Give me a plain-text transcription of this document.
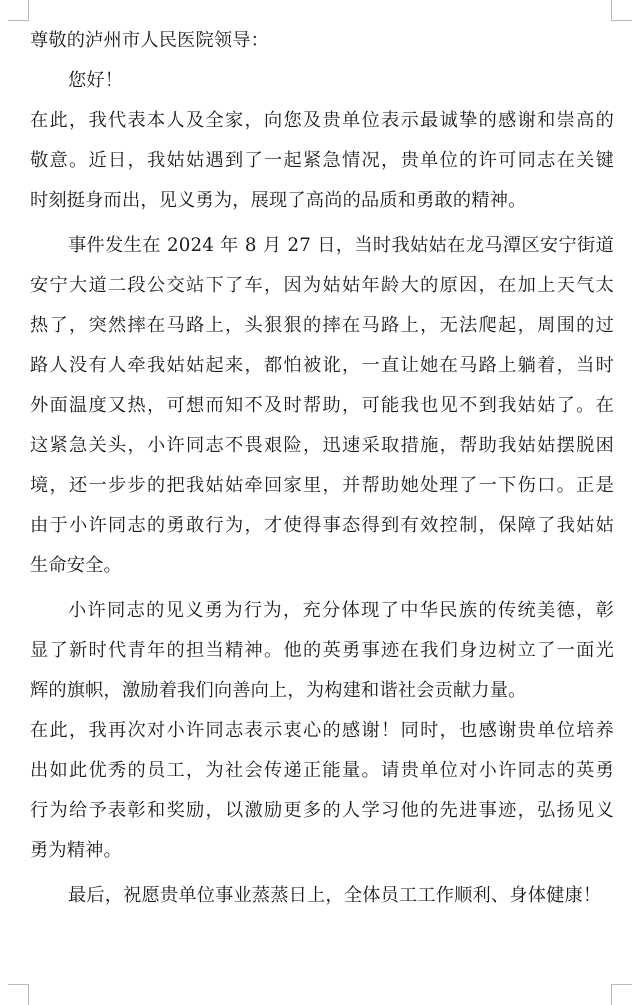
尊敬的泸州市人民医院领导：
您好！
在此，我代表本人及全家，向您及贵单位表示最诚挚的感谢和崇高的
敬意。近日，我姑姑遇到了一起紧急情况，贵单位的许可同志在关键
时刻挺身而出，见义勇为，展现了高尚的品质和勇敢的精神。
事件发生在 2024 年 8 月 27 日，当时我姑姑在龙马潭区安宁街道
安宁大道二段公交站下了车，因为姑姑年龄大的原因，在加上天气太
热了，突然摔在马路上，头狠狠的摔在马路上，无法爬起，周围的过
路人没有人牵我姑姑起来，都怕被讹，一直让她在马路上躺着，当时
外面温度又热，可想而知不及时帮助，可能我也见不到我姑姑了。在
这紧急关头，小许同志不畏艰险，迅速采取措施，帮助我姑姑摆脱困
境，还一步步的把我姑姑牵回家里，并帮助她处理了一下伤口。正是
由于小许同志的勇敢行为，才使得事态得到有效控制，保障了我姑姑
生命安全。
小许同志的见义勇为行为，充分体现了中华民族的传统美德，彰
显了新时代青年的担当精神。他的英勇事迹在我们身边树立了一面光
辉的旗帜，激励着我们向善向上，为构建和谐社会贡献力量。
在此，我再次对小许同志表示衷心的感谢！同时，也感谢贵单位培养
出如此优秀的员工，为社会传递正能量。请贵单位对小许同志的英勇
行为给予表彰和奖励，以激励更多的人学习他的先进事迹，弘扬见义
勇为精神。
最后，祝愿贵单位事业蒸蒸日上，全体员工工作顺利、身体健康！
